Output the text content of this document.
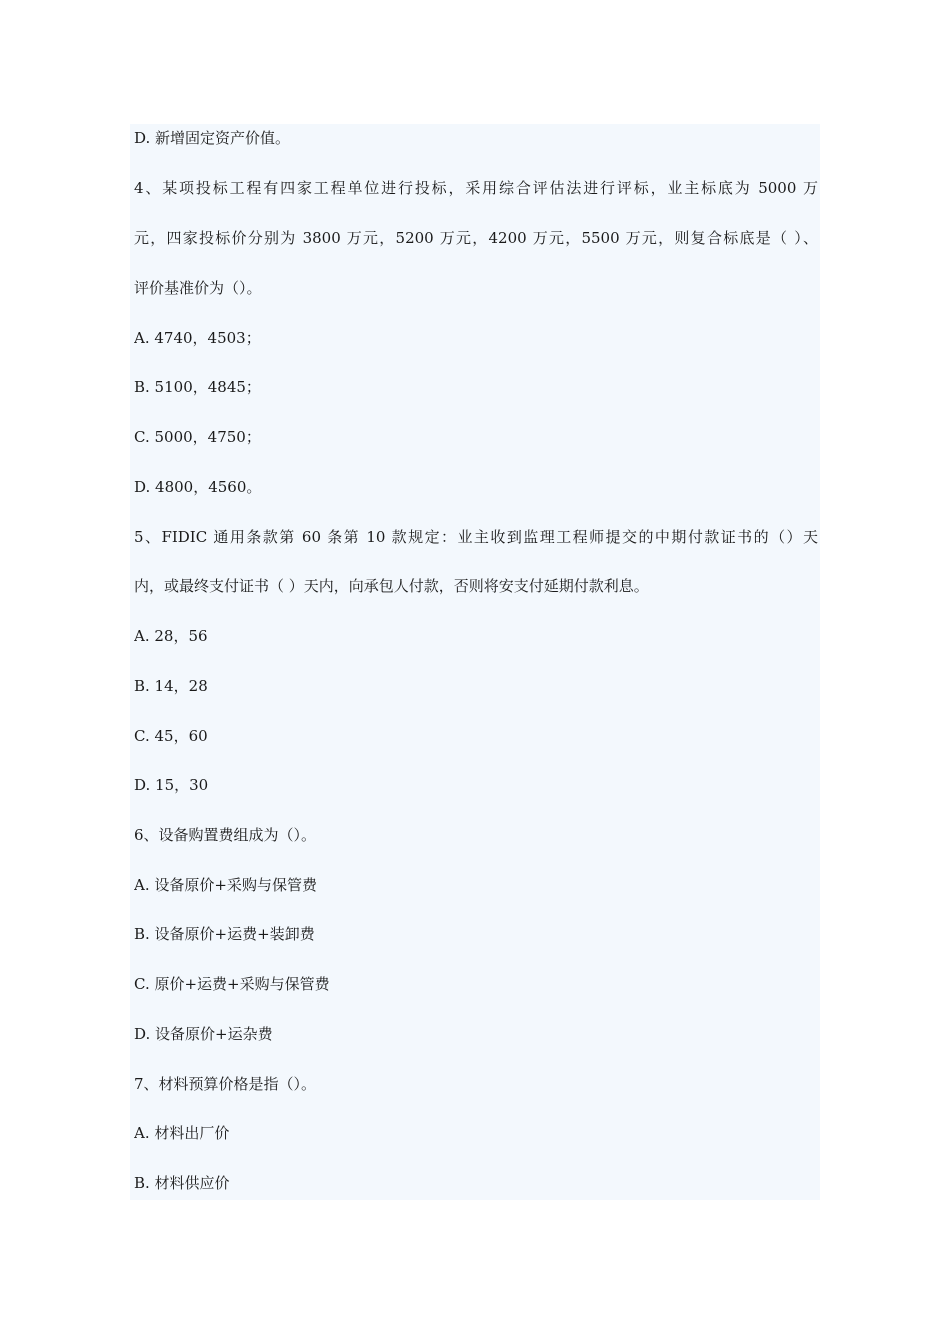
D. 新增固定资产价值。
4、某项投标工程有四家工程单位进行投标，采用综合评估法进行评标，业主标底为 5000 万
元，四家投标价分别为 3800 万元，5200 万元，4200 万元，5500 万元，则复合标底是（ ）、
评价基准价为（）。
A. 4740，4503；
B. 5100，4845；
C. 5000，4750；
D. 4800，4560。
5、FIDIC 通用条款第 60 条第 10 款规定：业主收到监理工程师提交的中期付款证书的（）天
内，或最终支付证书（ ）天内，向承包人付款，否则将安支付延期付款利息。
A. 28，56
B. 14，28
C. 45，60
D. 15，30
6、设备购置费组成为（）。
A. 设备原价+采购与保管费
B. 设备原价+运费+装卸费
C. 原价+运费+采购与保管费
D. 设备原价+运杂费
7、材料预算价格是指（）。
A. 材料出厂价
B. 材料供应价
